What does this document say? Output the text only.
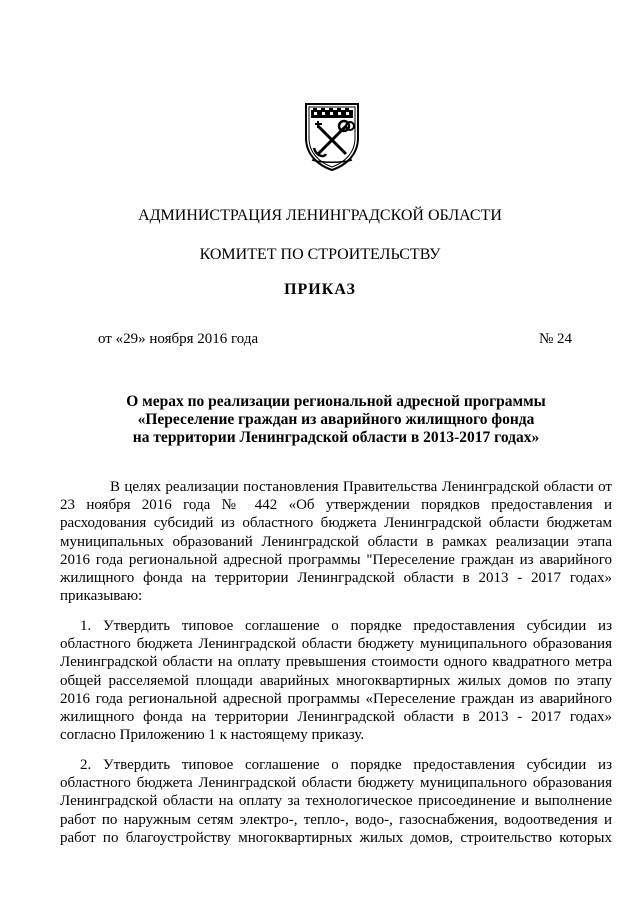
АДМИНИСТРАЦИЯ ЛЕНИНГРАДСКОЙ ОБЛАСТИ
КОМИТЕТ ПО СТРОИТЕЛЬСТВУ
ПРИКАЗ
от «29» ноября 2016 года	№ 24
О мерах по реализации региональной адресной программы
«Переселение граждан из аварийного жилищного фонда
на территории Ленинградской области в 2013-2017 годах»
В целях реализации постановления Правительства Ленинградской области от
23 ноября 2016 года № 442 «Об утверждении порядков предоставления и
расходования субсидий из областного бюджета Ленинградской области бюджетам
муниципальных образований Ленинградской области в рамках реализации этапа
2016 года региональной адресной программы "Переселение граждан из аварийного
жилищного фонда на территории Ленинградской области в 2013 - 2017 годах»
приказываю:
1. Утвердить типовое соглашение о порядке предоставления субсидии из
областного бюджета Ленинградской области бюджету муниципального образования
Ленинградской области на оплату превышения стоимости одного квадратного метра
общей расселяемой площади аварийных многоквартирных жилых домов по этапу
2016 года региональной адресной программы «Переселение граждан из аварийного
жилищного фонда на территории Ленинградской области в 2013 - 2017 годах»
согласно Приложению 1 к настоящему приказу.
2. Утвердить типовое соглашение о порядке предоставления субсидии из
областного бюджета Ленинградской области бюджету муниципального образования
Ленинградской области на оплату за технологическое присоединение и выполнение
работ по наружным сетям электро-, тепло-, водо-, газоснабжения, водоотведения и
работ по благоустройству многоквартирных жилых домов, строительство которых
